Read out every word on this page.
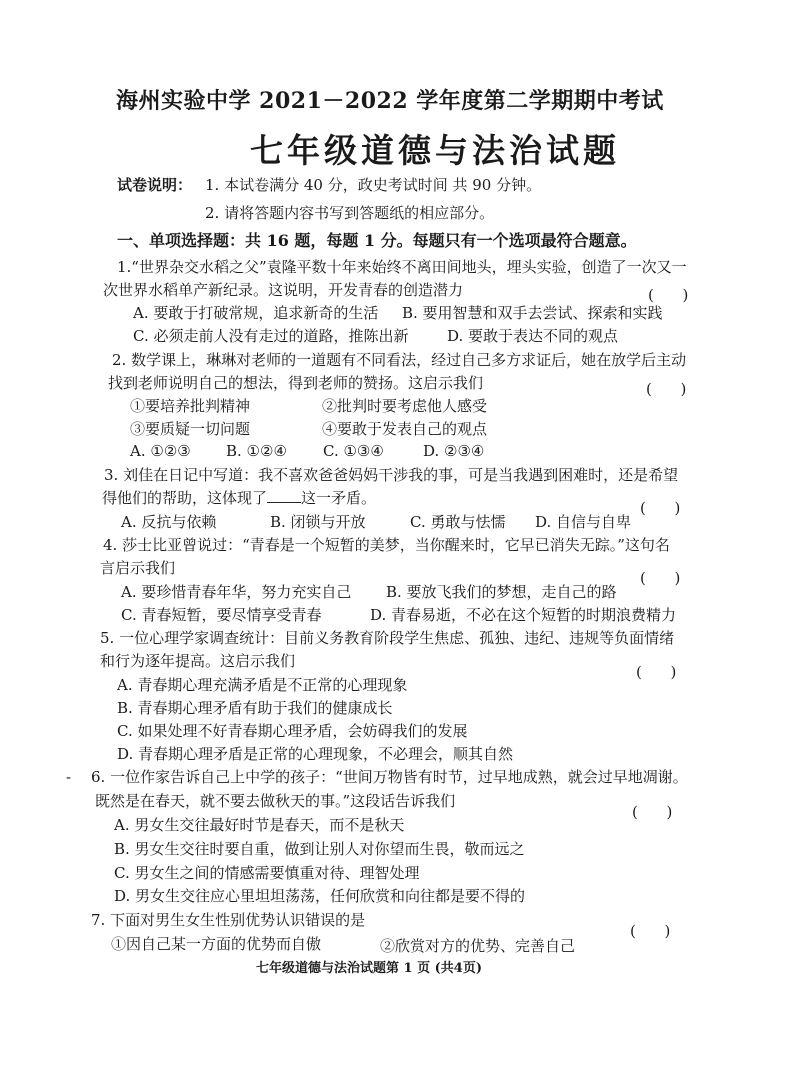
海州实验中学 2021－2022 学年度第二学期期中考试
七年级道德与法治试题
试卷说明： 1. 本试卷满分 40 分，政史考试时间 共 90 分钟。
2. 请将答题内容书写到答题纸的相应部分。
一、单项选择题：共 16 题，每题 1 分。每题只有一个选项最符合题意。
1.“世界杂交水稻之父”袁隆平数十年来始终不离田间地头，埋头实验，创造了一次又一
次世界水稻单产新纪录。这说明，开发青春的创造潜力	(      )
A. 要敢于打破常规，追求新奇的生活 B. 要用智慧和双手去尝试、探索和实践
C. 必须走前人没有走过的道路，推陈出新	D. 要敢于表达不同的观点
2. 数学课上，琳琳对老师的一道题有不同看法，经过自己多方求证后，她在放学后主动
找到老师说明自己的想法，得到老师的赞扬。这启示我们	(      )
①要培养批判精神	②批判时要考虑他人感受
③要质疑一切问题	④要敢于发表自己的观点
A. ①②③ B. ①②④ C. ①③④	D. ②③④
3. 刘佳在日记中写道：我不喜欢爸爸妈妈干涉我的事，可是当我遇到困难时，还是希望
得他们的帮助，这体现了 这一矛盾。
(      )
A. 反抗与依赖	B. 闭锁与开放	C. 勇敢与怯懦 D. 自信与自卑
4. 莎士比亚曾说过：“青春是一个短暂的美梦，当你醒来时，它早已消失无踪。”这句名
言启示我们
(      )
A. 要珍惜青春年华，努力充实自己 B. 要放飞我们的梦想，走自己的路
C. 青春短暂，要尽情享受青春	D. 青春易逝，不必在这个短暂的时期浪费精力
5. 一位心理学家调查统计：目前义务教育阶段学生焦虑、孤独、违纪、违规等负面情绪
和行为逐年提高。这启示我们
(      )
A. 青春期心理充满矛盾是不正常的心理现象
B. 青春期心理矛盾有助于我们的健康成长
C. 如果处理不好青春期心理矛盾，会妨碍我们的发展
D. 青春期心理矛盾是正常的心理现象，不必理会，顺其自然
- 6. 一位作家告诉自己上中学的孩子：“世间万物皆有时节，过早地成熟，就会过早地凋谢。
既然是在春天，就不要去做秋天的事。”这段话告诉我们
(      )
A. 男女生交往最好时节是春天，而不是秋天
B. 男女生交往时要自重，做到让别人对你望而生畏，敬而远之
C. 男女生之间的情感需要慎重对待、理智处理
D. 男女生交往应心里坦坦荡荡，任何欣赏和向往都是要不得的
7. 下面对男生女生性别优势认识错误的是
(      )
①因自己某一方面的优势而自傲	②欣赏对方的优势、完善自己
七年级道德与法治试题第 1 页 (共4页)
